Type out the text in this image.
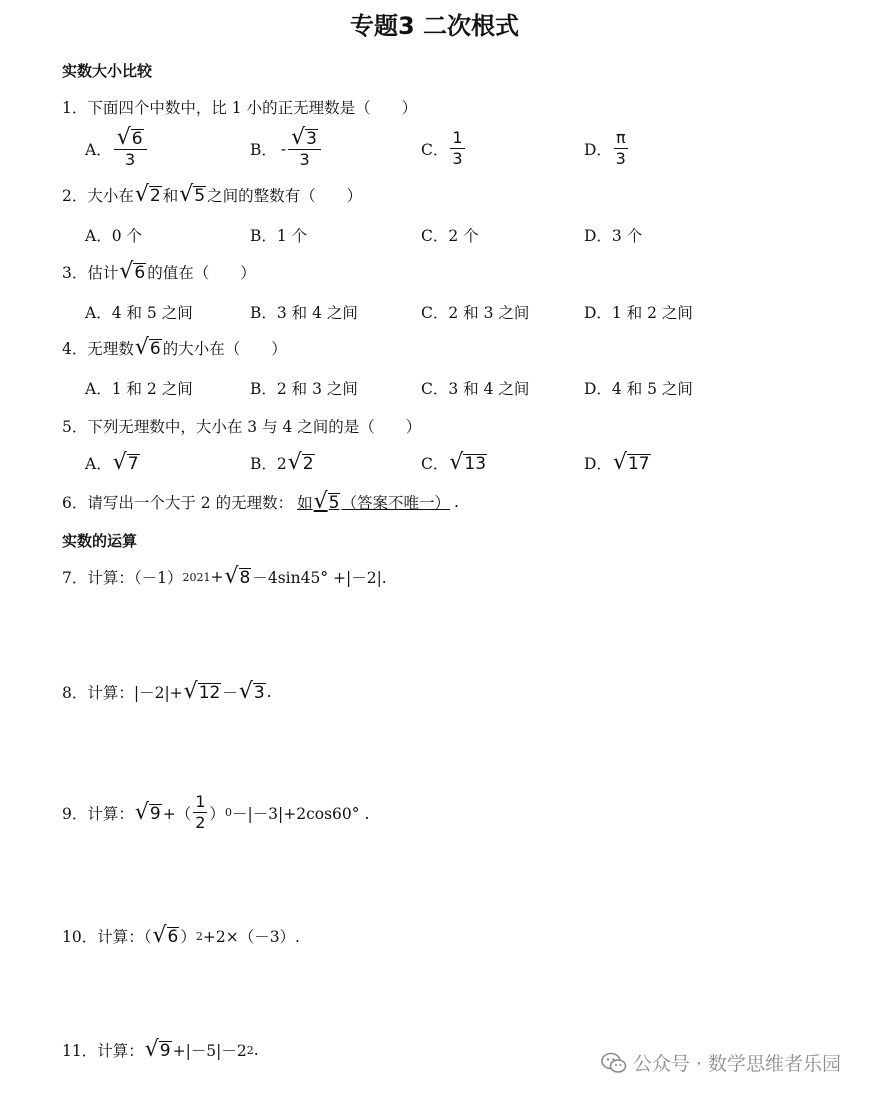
专题3 二次根式
实数大小比较
1．下面四个中数中，比 1 小的正无理数是（　　）
A． $\frac{√ 6}{3}$	B． - $\frac{√ 3}{3}$	C． $\frac{1}{3}$	D． $\frac{\pi}{3}$
2．大小在 √ 2 和 √ 5 之间的整数有（　　）
A．0 个	B．1 个	C．2 个	D．3 个
3．估计 √ 6 的值在（　　）
A．4 和 5 之间	B．3 和 4 之间	C．2 和 3 之间	D．1 和 2 之间
4．无理数 √ 6 的大小在（　　）
A．1 和 2 之间	B．2 和 3 之间	C．3 和 4 之间	D．4 和 5 之间
5．下列无理数中，大小在 3 与 4 之间的是（　　）
A． √ 7	B．2 √ 2	C． √ 13	D． √ 17
6．请写出一个大于 2 的无理数： 如 √ 5 （答案不唯一） .
实数的运算
7．计算：（－1） 2021 + √ 8 －4sin45° +|－2|.
8．计算：|－2|+ √ 12 － √ 3 .
9．计算： √ 9 +（ $\frac{1}{2}$ ） 0 －|－3|+2cos60° .
10．计算：（ √ 6 ） 2 +2×（－3）.
11．计算： √ 9 +|－5|－2 2 .
公众号 · 数学思维者乐园
